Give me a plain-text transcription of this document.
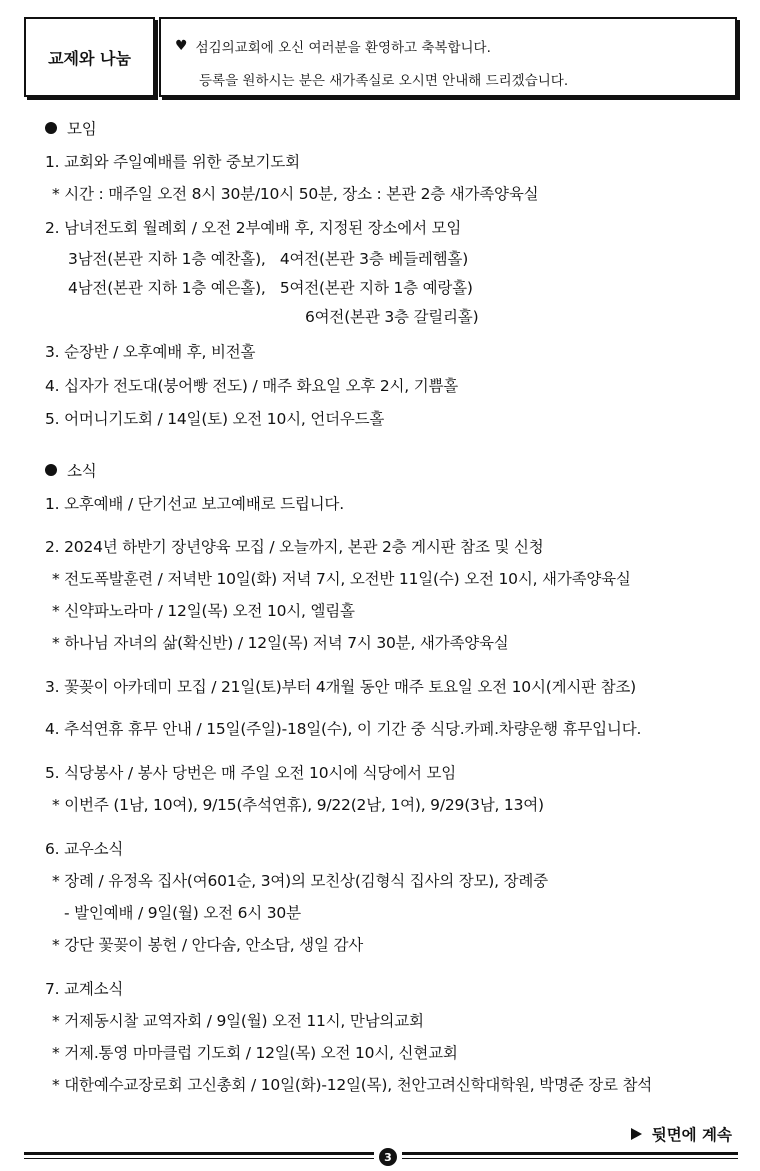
교제와 나눔
♥ 섬김의교회에 오신 여러분을 환영하고 축복합니다.
등록을 원하시는 분은 새가족실로 오시면 안내해 드리겠습니다.
모임
1. 교회와 주일예배를 위한 중보기도회
* 시간 : 매주일 오전 8시 30분/10시 50분, 장소 : 본관 2층 새가족양육실
2. 남녀전도회 월례회 / 오전 2부예배 후, 지정된 장소에서 모임
3남전(본관 지하 1층 예찬홀),   4여전(본관 3층 베들레헴홀)
4남전(본관 지하 1층 예은홀),   5여전(본관 지하 1층 예랑홀)
6여전(본관 3층 갈릴리홀)
3. 순장반 / 오후예배 후, 비전홀
4. 십자가 전도대(붕어빵 전도) / 매주 화요일 오후 2시, 기쁨홀
5. 어머니기도회 / 14일(토) 오전 10시, 언더우드홀
소식
1. 오후예배 / 단기선교 보고예배로 드립니다.
2. 2024년 하반기 장년양육 모집 / 오늘까지, 본관 2층 게시판 참조 및 신청
* 전도폭발훈련 / 저녁반 10일(화) 저녁 7시, 오전반 11일(수) 오전 10시, 새가족양육실
* 신약파노라마 / 12일(목) 오전 10시, 엘림홀
* 하나님 자녀의 삶(확신반) / 12일(목) 저녁 7시 30분, 새가족양육실
3. 꽃꽂이 아카데미 모집 / 21일(토)부터 4개월 동안 매주 토요일 오전 10시(게시판 참조)
4. 추석연휴 휴무 안내 / 15일(주일)-18일(수), 이 기간 중 식당.카페.차량운행 휴무입니다.
5. 식당봉사 / 봉사 당번은 매 주일 오전 10시에 식당에서 모임
* 이번주 (1남, 10여), 9/15(추석연휴), 9/22(2남, 1여), 9/29(3남, 13여)
6. 교우소식
* 장례 / 유정옥 집사(여601순, 3여)의 모친상(김형식 집사의 장모), 장례중
- 발인예배 / 9일(월) 오전 6시 30분
* 강단 꽃꽂이 봉헌 / 안다솜, 안소담, 생일 감사
7. 교계소식
* 거제동시찰 교역자회 / 9일(월) 오전 11시, 만남의교회
* 거제.통영 마마클럽 기도회 / 12일(목) 오전 10시, 신현교회
* 대한예수교장로회 고신총회 / 10일(화)-12일(목), 천안고려신학대학원, 박명준 장로 참석
뒷면에 계속
3
